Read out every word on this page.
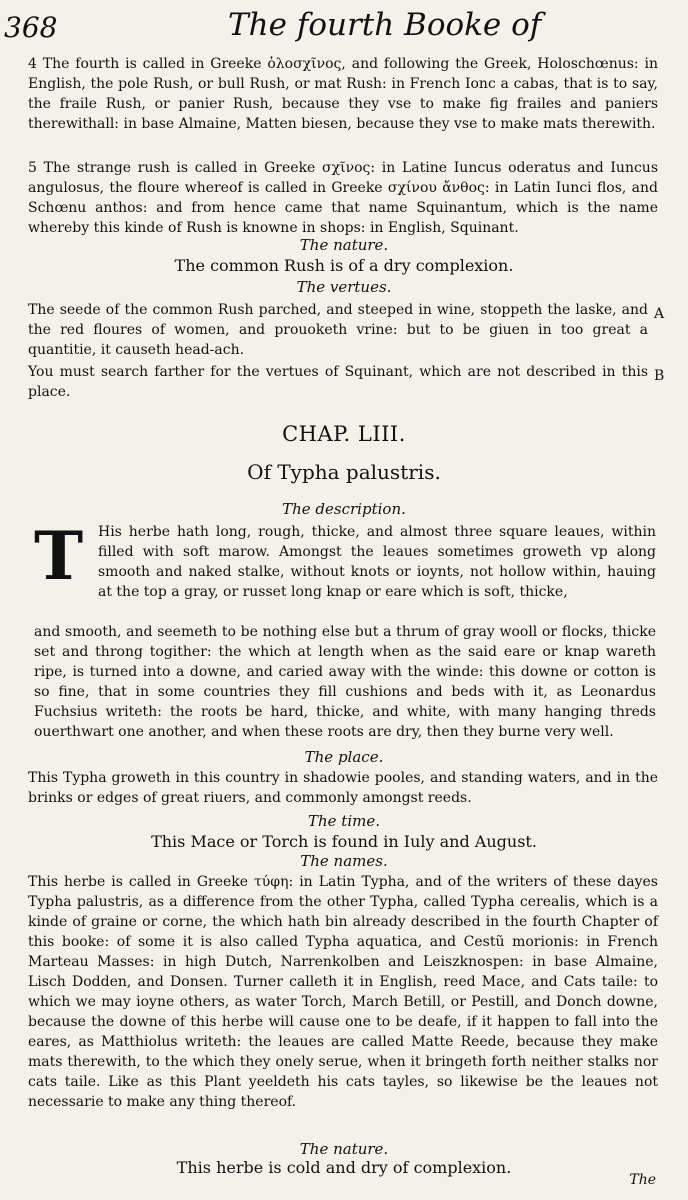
368	The fourth Booke of
4 The fourth is called in Greeke ὁλοσχῖνος, and following the Greek, Holoschœnus: in English, the pole Rush, or bull Rush, or mat Rush: in French Ionc a cabas, that is to say, the fraile Rush, or panier Rush, because they vse to make fig frailes and paniers therewithall: in base Almaine, Matten biesen, because they vse to make mats therewith.
5 The strange rush is called in Greeke σχῖνος: in Latine Iuncus oderatus and Iuncus angulosus, the floure whereof is called in Greeke σχίνου ἄνθος: in Latin Iunci flos, and Schœnu anthos: and from hence came that name Squinantum, which is the name whereby this kinde of Rush is knowne in shops: in English, Squinant.
The nature.
The common Rush is of a dry complexion.
The vertues.
The seede of the common Rush parched, and steeped in wine, stoppeth the laske, and the red floures of women, and prouoketh vrine: but to be giuen in too great a quantitie, it causeth head-ach.
A
You must search farther for the vertues of Squinant, which are not described in this place.
B
CHAP. LIII.
Of Typha palustris.
The description.
T His herbe hath long, rough, thicke, and almost three square leaues, within filled with soft marow. Amongst the leaues sometimes groweth vp along smooth and naked stalke, without knots or ioynts, not hollow within, hauing at the top a gray, or russet long knap or eare which is soft, thicke,
and smooth, and seemeth to be nothing else but a thrum of gray wooll or flocks, thicke set and throng togither: the which at length when as the said eare or knap wareth ripe, is turned into a downe, and caried away with the winde: this downe or cotton is so fine, that in some countries they fill cushions and beds with it, as Leonardus Fuchsius writeth: the roots be hard, thicke, and white, with many hanging threds ouerthwart one another, and when these roots are dry, then they burne very well.
The place.
This Typha groweth in this country in shadowie pooles, and standing waters, and in the brinks or edges of great riuers, and commonly amongst reeds.
The time.
This Mace or Torch is found in Iuly and August.
The names.
This herbe is called in Greeke τύφη: in Latin Typha, and of the writers of these dayes Typha palustris, as a difference from the other Typha, called Typha cerealis, which is a kinde of graine or corne, the which hath bin already described in the fourth Chapter of this booke: of some it is also called Typha aquatica, and Cestũ morionis: in French Marteau Masses: in high Dutch, Narrenkolben and Leiszknospen: in base Almaine, Lisch Dodden, and Donsen. Turner calleth it in English, reed Mace, and Cats taile: to which we may ioyne others, as water Torch, March Betill, or Pestill, and Donch downe, because the downe of this herbe will cause one to be deafe, if it happen to fall into the eares, as Matthiolus writeth: the leaues are called Matte Reede, because they make mats therewith, to the which they onely serue, when it bringeth forth neither stalks nor cats taile. Like as this Plant yeeldeth his cats tayles, so likewise be the leaues not necessarie to make any thing thereof.
The nature.
This herbe is cold and dry of complexion.
The
